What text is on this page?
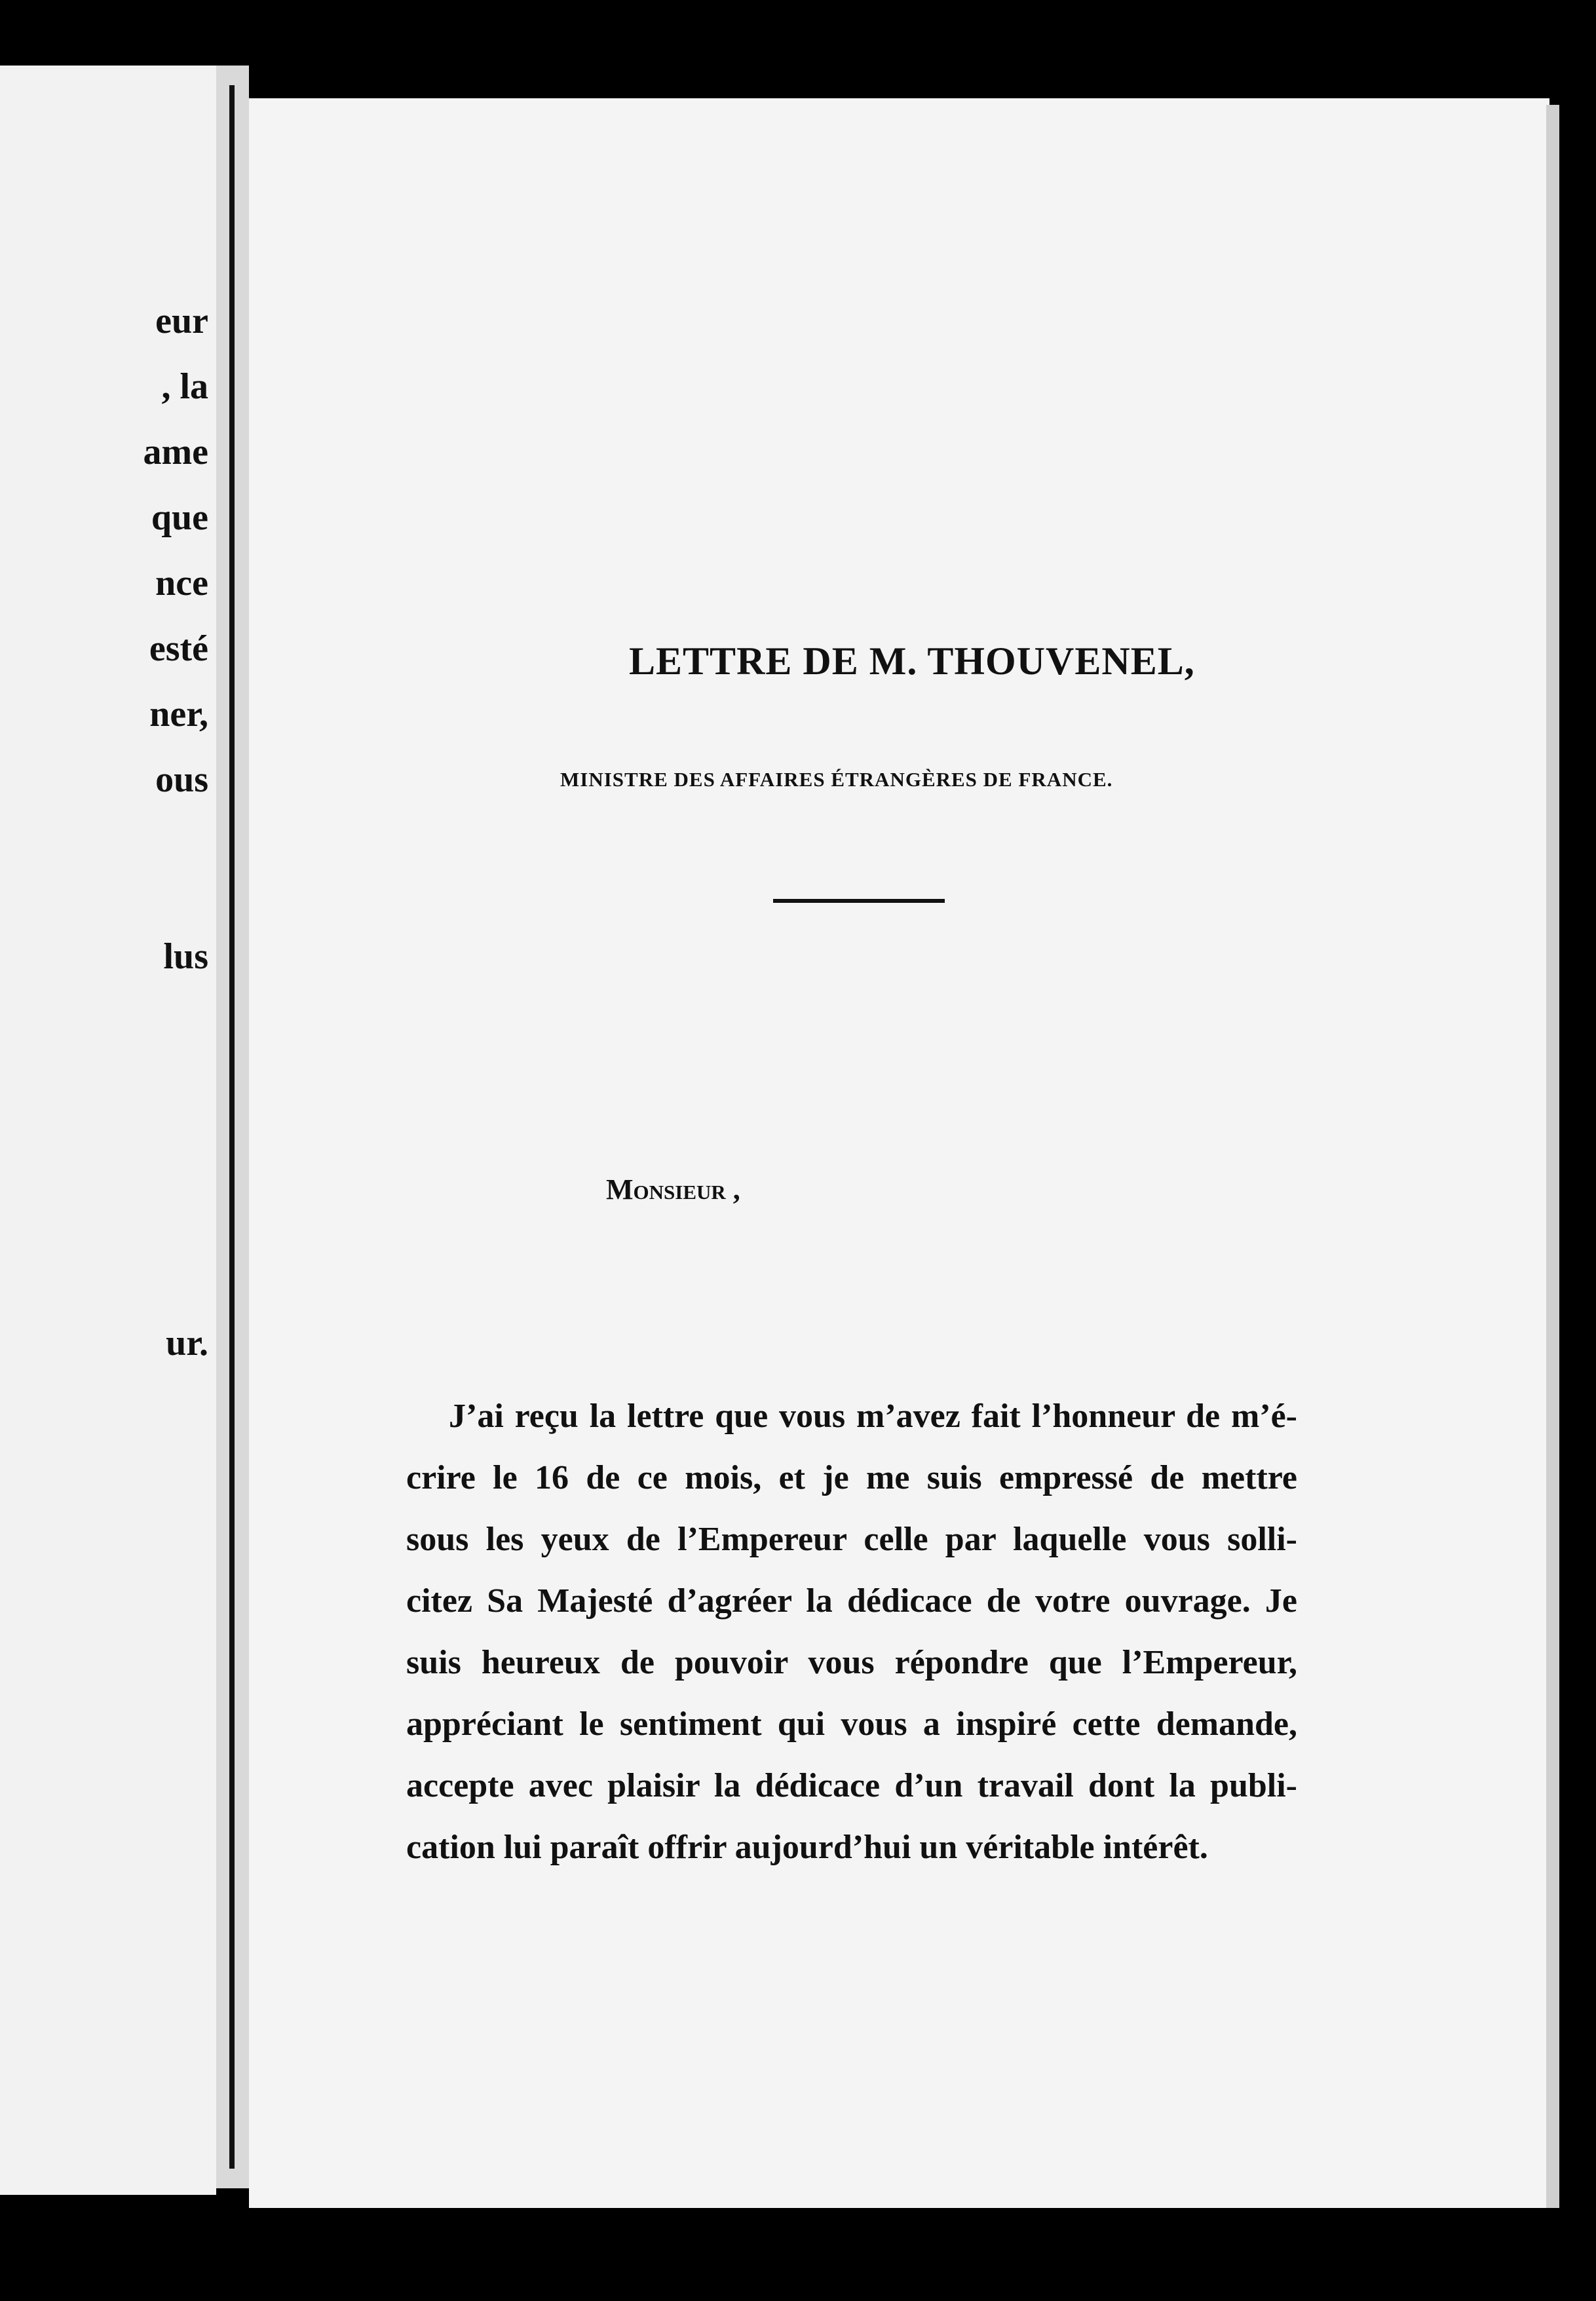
eur
, la
ame
que
nce
esté
ner,
ous
lus
ur.
LETTRE DE M. THOUVENEL,
MINISTRE DES AFFAIRES ÉTRANGÈRES DE FRANCE.
Monsieur ,
J’ai reçu la lettre que vous m’avez fait l’honneur de m’é-
crire le 16 de ce mois, et je me suis empressé de mettre
sous les yeux de l’Empereur celle par laquelle vous solli-
citez Sa Majesté d’agréer la dédicace de votre ouvrage. Je
suis heureux de pouvoir vous répondre que l’Empereur,
appréciant le sentiment qui vous a inspiré cette demande,
accepte avec plaisir la dédicace d’un travail dont la publi-
cation lui paraît offrir aujourd’hui un véritable intérêt.
